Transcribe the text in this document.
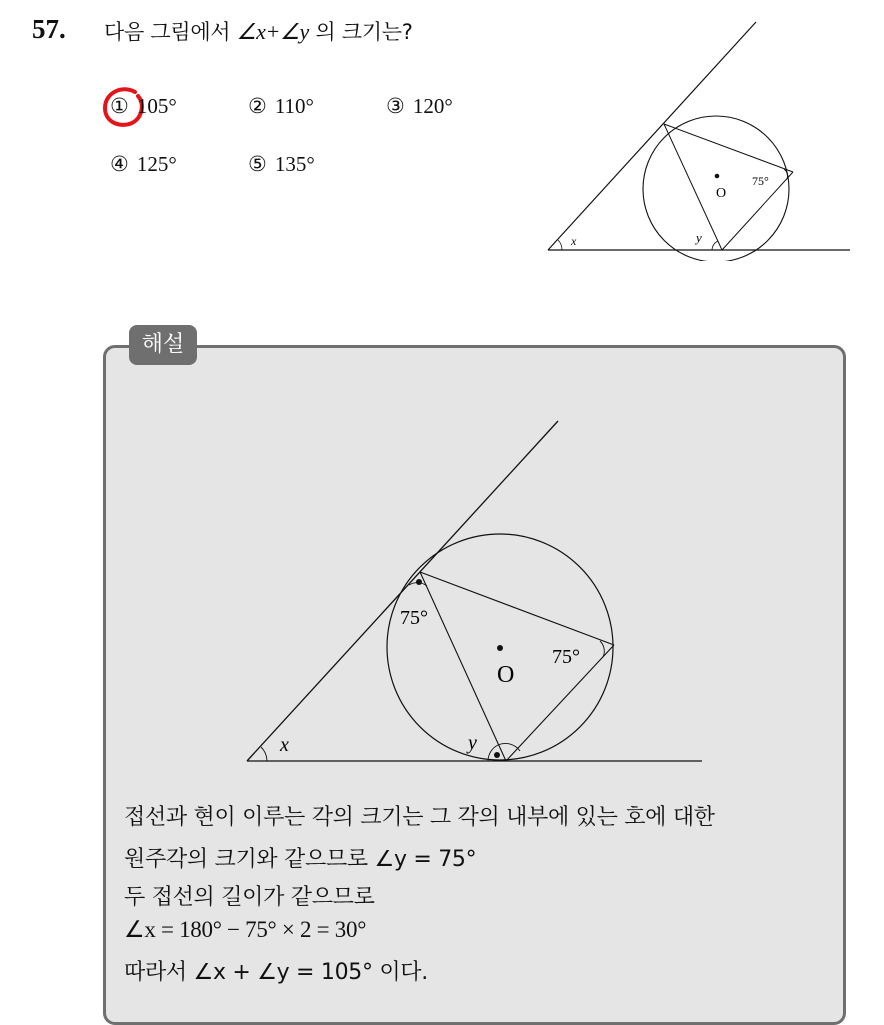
57. 다음 그림에서 ∠x+∠y 의 크기는?
① 105°	② 110°	③ 120°
④ 125°	⑤ 135°
O
75°
x	y
해설
O
75°
75°
x	y
접선과 현이 이루는 각의 크기는 그 각의 내부에 있는 호에 대한
원주각의 크기와 같으므로 ∠y = 75°
두 접선의 길이가 같으므로
∠x = 180° − 75° × 2 = 30°
따라서 ∠x + ∠y = 105° 이다.
